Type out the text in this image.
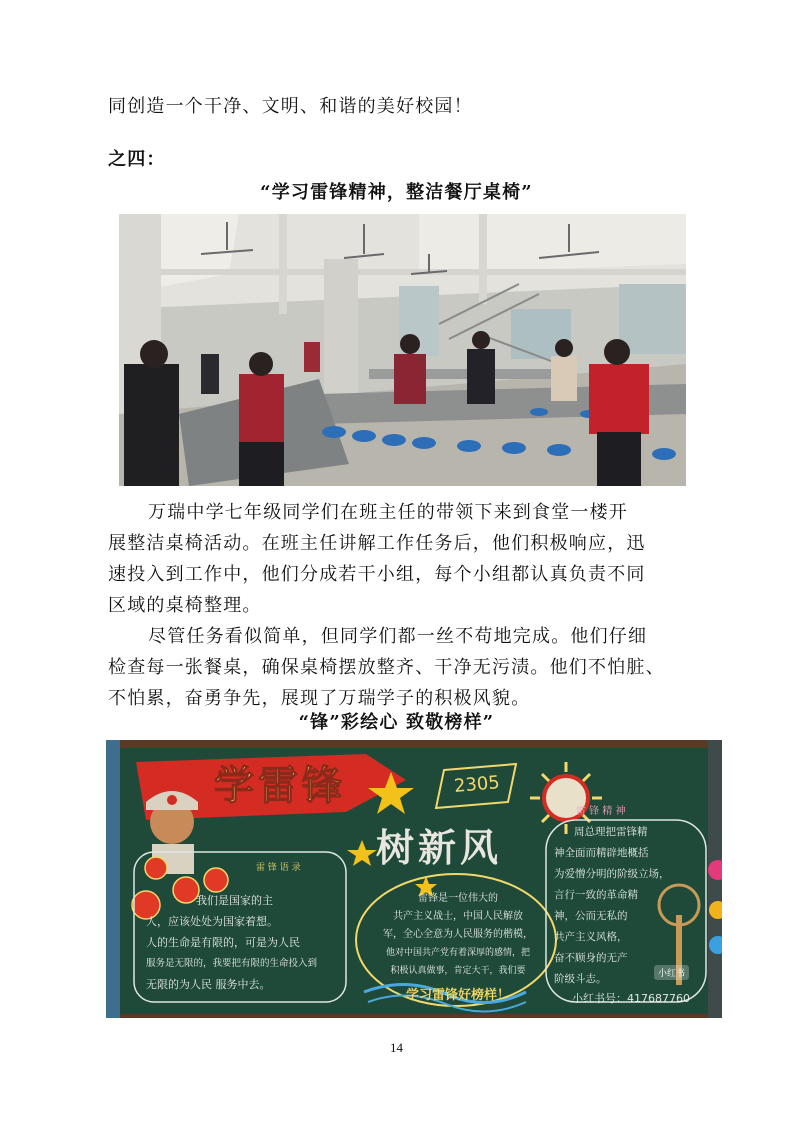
同创造一个干净、文明、和谐的美好校园！

之四：

“学习雷锋精神，整洁餐厅桌椅”

万瑞中学七年级同学们在班主任的带领下来到食堂一楼开

展整洁桌椅活动。在班主任讲解工作任务后，他们积极响应，迅

速投入到工作中，他们分成若干小组，每个小组都认真负责不同

区域的桌椅整理。

尽管任务看似简单，但同学们都一丝不苟地完成。他们仔细

检查每一张餐桌，确保桌椅摆放整齐、干净无污渍。他们不怕脏、

不怕累，奋勇争先，展现了万瑞学子的积极风貌。

“锋”彩绘心 致敬榜样”

学雷锋	2305
树新风
雷 锋 语 录
我们是国家的主
人，应该处处为国家着想。
人的生命是有限的，可是为人民
服务是无限的，我要把有限的生命投入到
无限的为人民 服务中去。
雷锋是一位伟大的
共产主义战士，中国人民解放
军，全心全意为人民服务的楷模，
他对中国共产党有着深厚的感情，把
积极认真做事，肯定大干，我们要
学习雷锋好榜样！
雷 锋 精 神
周总理把雷锋精
神全面而精辟地概括
为爱憎分明的阶级立场，
言行一致的革命精
神，公而无私的
共产主义风格，
奋不顾身的无产
阶级斗志。	小红书
小红书号：417687760
14
